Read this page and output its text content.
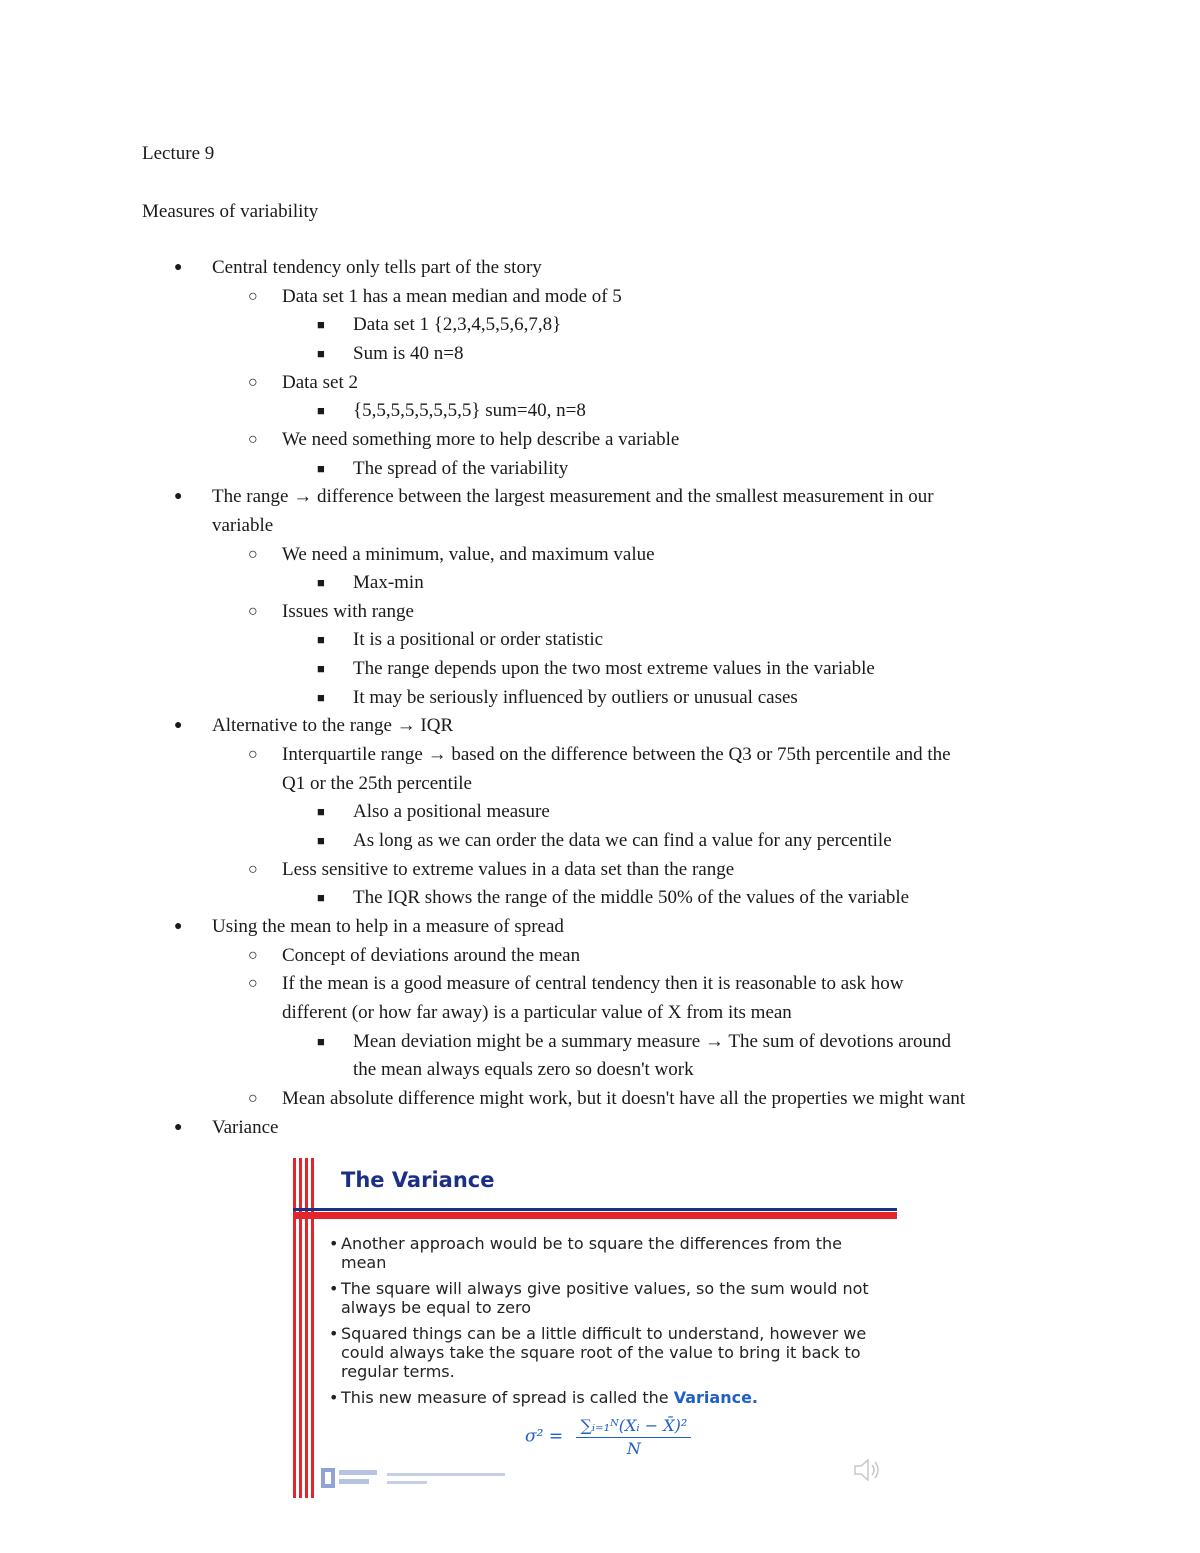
Lecture 9
Measures of variability
● Central tendency only tells part of the story
○ Data set 1 has a mean median and mode of 5
■ Data set 1 {2,3,4,5,5,6,7,8}
■ Sum is 40 n=8
○ Data set 2
■ {5,5,5,5,5,5,5,5} sum=40, n=8
○ We need something more to help describe a variable
■ The spread of the variability
● The range → difference between the largest measurement and the smallest measurement in our
variable
○ We need a minimum, value, and maximum value
■ Max-min
○ Issues with range
■ It is a positional or order statistic
■ The range depends upon the two most extreme values in the variable
■ It may be seriously influenced by outliers or unusual cases
● Alternative to the range → IQR
○ Interquartile range → based on the difference between the Q3 or 75th percentile and the
Q1 or the 25th percentile
■ Also a positional measure
■ As long as we can order the data we can find a value for any percentile
○ Less sensitive to extreme values in a data set than the range
■ The IQR shows the range of the middle 50% of the values of the variable
● Using the mean to help in a measure of spread
○ Concept of deviations around the mean
○ If the mean is a good measure of central tendency then it is reasonable to ask how
different (or how far away) is a particular value of X from its mean
■ Mean deviation might be a summary measure → The sum of devotions around
the mean always equals zero so doesn't work
○ Mean absolute difference might work, but it doesn't have all the properties we might want
● Variance
The Variance
• Another approach would be to square the differences from the mean
• The square will always give positive values, so the sum would not always be equal to zero
• Squared things can be a little difficult to understand, however we could always take the square root of the value to bring it back to regular terms.
• This new measure of spread is called the Variance.
$\sigma^2 = \frac{\text{∑ᵢ₌₁ᴺ(Xᵢ − X̄)²}}{N}$
